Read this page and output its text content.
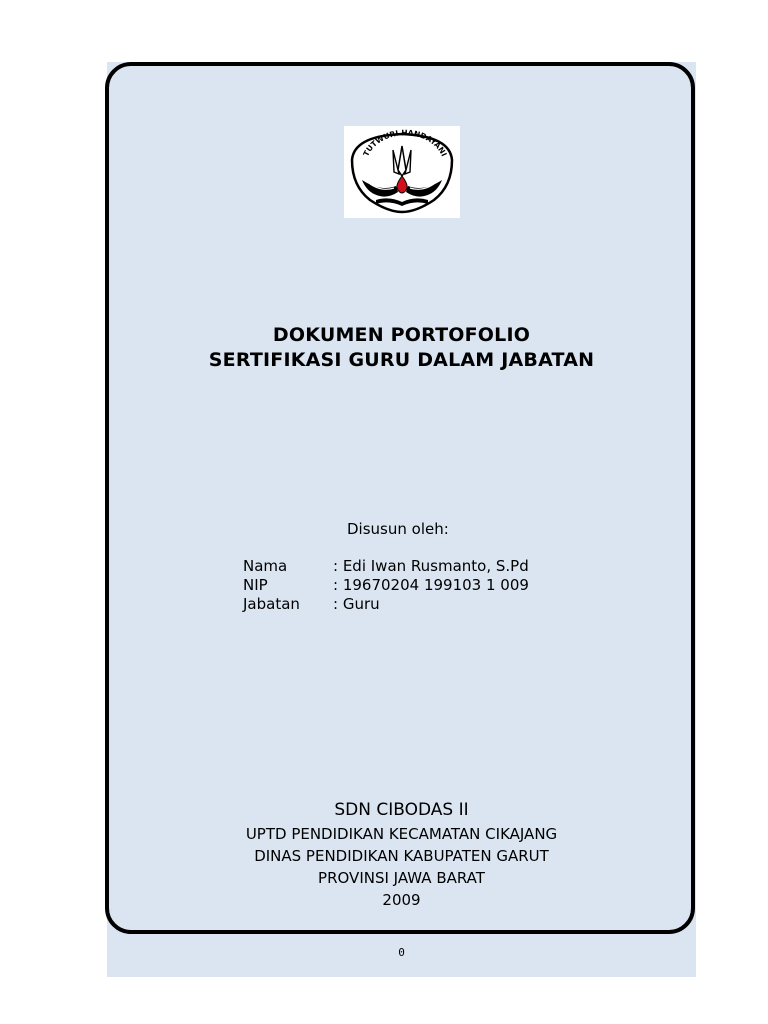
TUTWURI HANDAYANI
DOKUMEN PORTOFOLIO
SERTIFIKASI GURU DALAM JABATAN
Disusun oleh:
Nama	: Edi Iwan Rusmanto, S.Pd
NIP	: 19670204 199103 1 009
Jabatan : Guru
SDN CIBODAS II
UPTD PENDIDIKAN KECAMATAN CIKAJANG
DINAS PENDIDIKAN KABUPATEN GARUT
PROVINSI JAWA BARAT
2009
0
